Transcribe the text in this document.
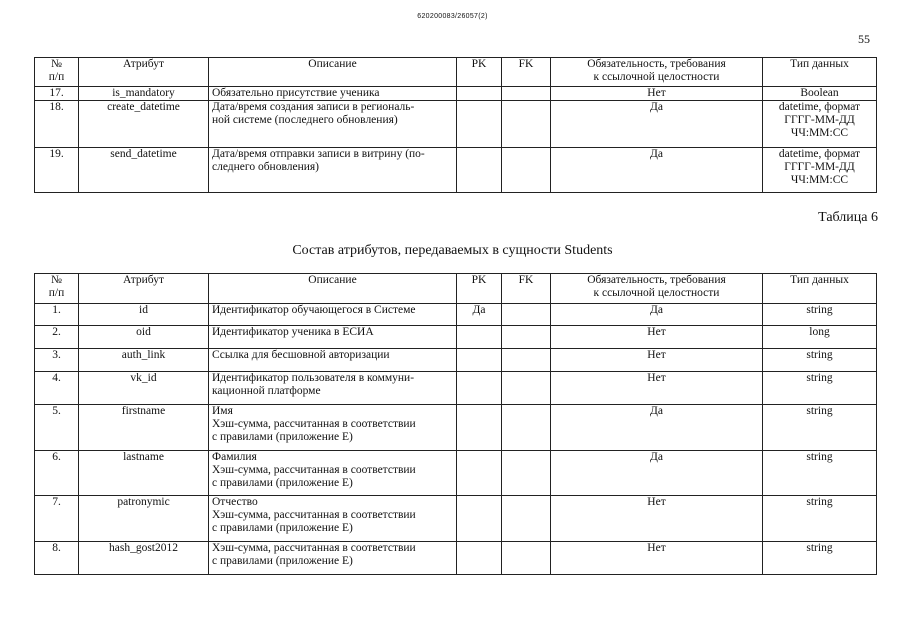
620200083/26057(2)
55
№
п/п	Атрибут	Описание	PK	FK	Обязательность, требования
к ссылочной целостности	Тип данных
17.	is_mandatory	Обязательно присутствие ученика			Нет	Boolean
18.	create_datetime	Дата/время создания записи в региональ-
ной системе (последнего обновления)			Да	datetime, формат
ГГГГ-ММ-ДД
ЧЧ:ММ:СС
19.	send_datetime	Дата/время отправки записи в витрину (по-
следнего обновления)			Да	datetime, формат
ГГГГ-ММ-ДД
ЧЧ:ММ:СС
Таблица 6
Состав атрибутов, передаваемых в сущности Students
№
п/п	Атрибут	Описание	PK	FK	Обязательность, требования
к ссылочной целостности	Тип данных
1.	id	Идентификатор обучающегося в Системе	Да		Да	string
2.	oid	Идентификатор ученика в ЕСИА			Нет	long
3.	auth_link	Ссылка для бесшовной авторизации			Нет	string
4.	vk_id	Идентификатор пользователя в коммуни-
кационной платформе			Нет	string
5.	firstname	Имя
Хэш-сумма, рассчитанная в соответствии
с правилами (приложение Е)			Да	string
6.	lastname	Фамилия
Хэш-сумма, рассчитанная в соответствии
с правилами (приложение Е)			Да	string
7.	patronymic	Отчество
Хэш-сумма, рассчитанная в соответствии
с правилами (приложение Е)			Нет	string
8.	hash_gost2012	Хэш-сумма, рассчитанная в соответствии
с правилами (приложение Е)			Нет	string
